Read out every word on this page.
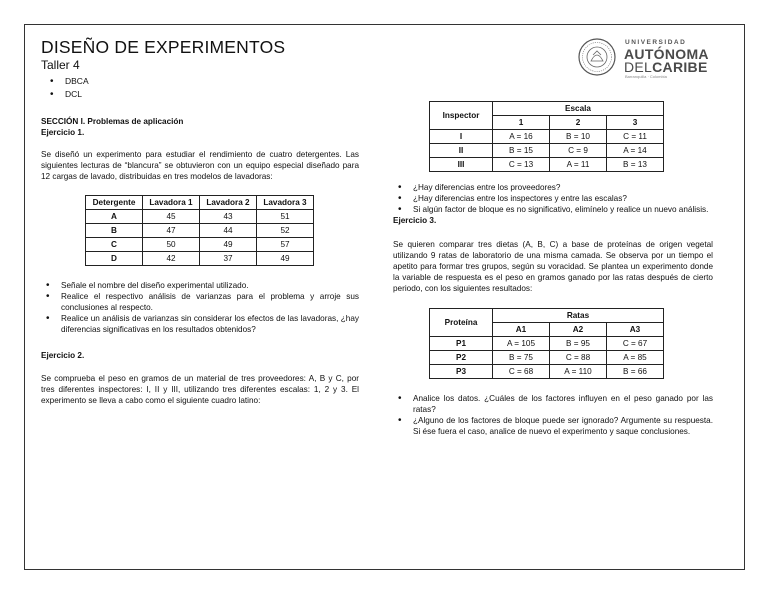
DISEÑO DE EXPERIMENTOS
Taller 4
• DBCA
• DCL
UNIVERSIDAD
AUTÓNOMA
DELCARIBE
Barranquilla · Colombia
SECCIÓN I. Problemas de aplicación
Ejercicio 1.
Se diseñó un experimento para estudiar el rendimiento de cuatro detergentes. Las siguientes lecturas de “blancura” se obtuvieron con un equipo especial diseñado para 12 cargas de lavado, distribuidas en tres modelos de lavadoras:
Detergente	Lavadora 1	Lavadora 2	Lavadora 3
A	45	43	51
B	47	44	52
C	50	49	57
D	42	37	49
• Señale el nombre del diseño experimental utilizado.
• Realice el respectivo análisis de varianzas para el problema y arroje sus conclusiones al respecto.
• Realice un análisis de varianzas sin considerar los efectos de las lavadoras, ¿hay diferencias significativas en los resultados obtenidos?
Ejercicio 2.
Se comprueba el peso en gramos de un material de tres proveedores: A, B y C, por tres diferentes inspectores: I, II y III, utilizando tres diferentes escalas: 1, 2 y 3. El experimento se lleva a cabo como el siguiente cuadro latino:
Inspector	Escala		
	1	2	3
I	A = 16	B = 10	C = 11
II	B = 15	C = 9	A = 14
III	C = 13	A = 11	B = 13
• ¿Hay diferencias entre los proveedores?
• ¿Hay diferencias entre los inspectores y entre las escalas?
• Si algún factor de bloque es no significativo, elimínelo y realice un nuevo análisis.
Ejercicio 3.
Se quieren comparar tres dietas (A, B, C) a base de proteínas de origen vegetal utilizando 9 ratas de laboratorio de una misma camada. Se observa por un tiempo el apetito para formar tres grupos, según su voracidad. Se plantea un experimento donde la variable de respuesta es el peso en gramos ganado por las ratas después de cierto periodo, con los siguientes resultados:
Proteína	Ratas		
	A1	A2	A3
P1	A = 105	B = 95	C = 67
P2	B = 75	C = 88	A = 85
P3	C = 68	A = 110	B = 66
• Analice los datos. ¿Cuáles de los factores influyen en el peso ganado por las ratas?
• ¿Alguno de los factores de bloque puede ser ignorado? Argumente su respuesta. Si ése fuera el caso, analice de nuevo el experimento y saque conclusiones.
